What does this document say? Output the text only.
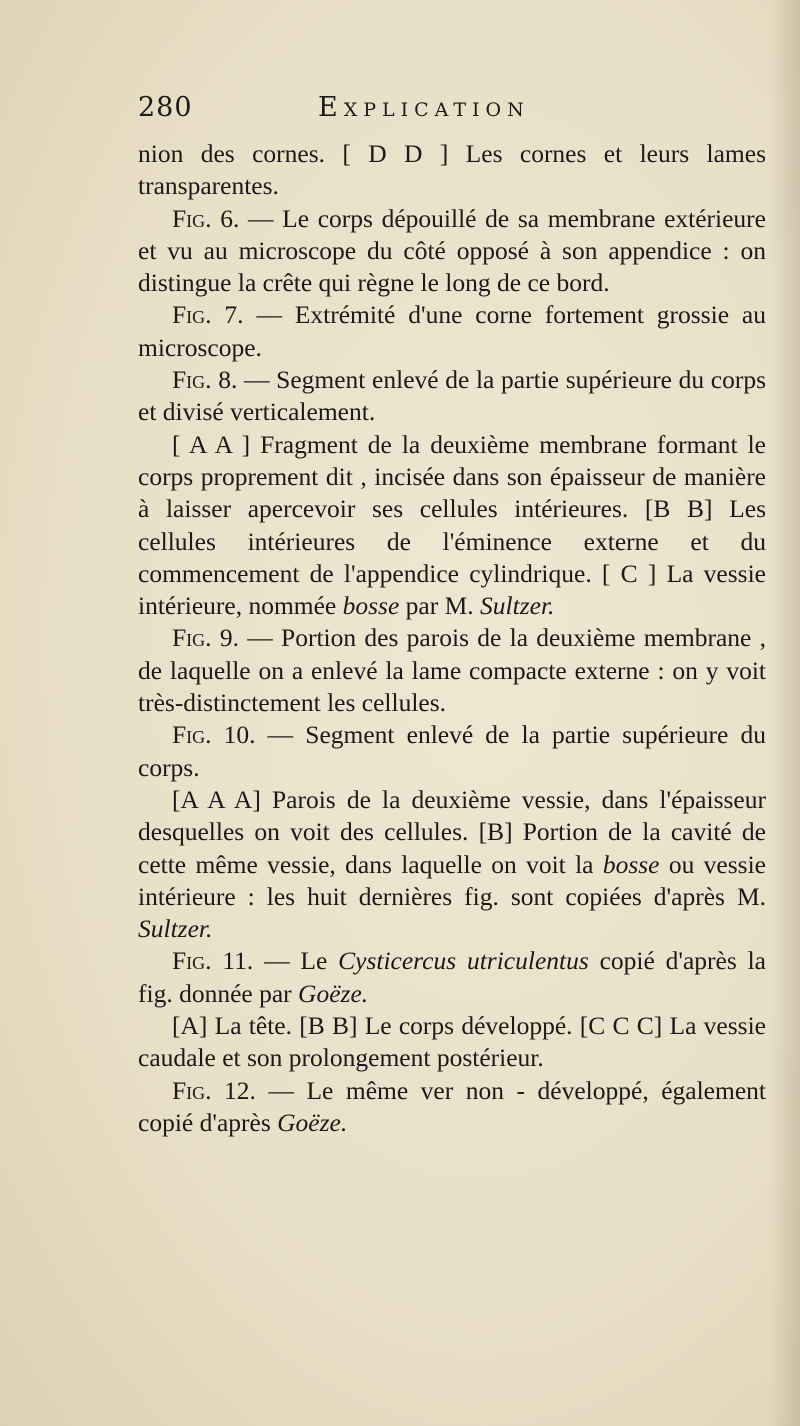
280	Explication

nion des cornes. [ D D ] Les cornes et leurs lames transparentes.

Fig. 6. — Le corps dépouillé de sa membrane extérieure et vu au microscope du côté opposé à son appendice : on distingue la crête qui règne le long de ce bord.

Fig. 7. — Extrémité d'une corne fortement grossie au microscope.

Fig. 8. — Segment enlevé de la partie supérieure du corps et divisé verticalement.

[ A A ] Fragment de la deuxième membrane formant le corps proprement dit , incisée dans son épaisseur de manière à laisser apercevoir ses cellules intérieures. [B B] Les cellules intérieures de l'éminence externe et du commencement de l'appendice cylindrique. [ C ] La vessie intérieure, nommée bosse par M. Sultzer.

Fig. 9. — Portion des parois de la deuxième membrane , de laquelle on a enlevé la lame compacte externe : on y voit très-distinctement les cellules.

Fig. 10. — Segment enlevé de la partie supérieure du corps.

[A A A] Parois de la deuxième vessie, dans l'épaisseur desquelles on voit des cellules. [B] Portion de la cavité de cette même vessie, dans laquelle on voit la bosse ou vessie intérieure : les huit dernières fig. sont copiées d'après M. Sultzer.

Fig. 11. — Le Cysticercus utriculentus copié d'après la fig. donnée par Goëze.

[A] La tête. [B B] Le corps développé. [C C C] La vessie caudale et son prolongement postérieur.

Fig. 12. — Le même ver non - développé, également copié d'après Goëze.
